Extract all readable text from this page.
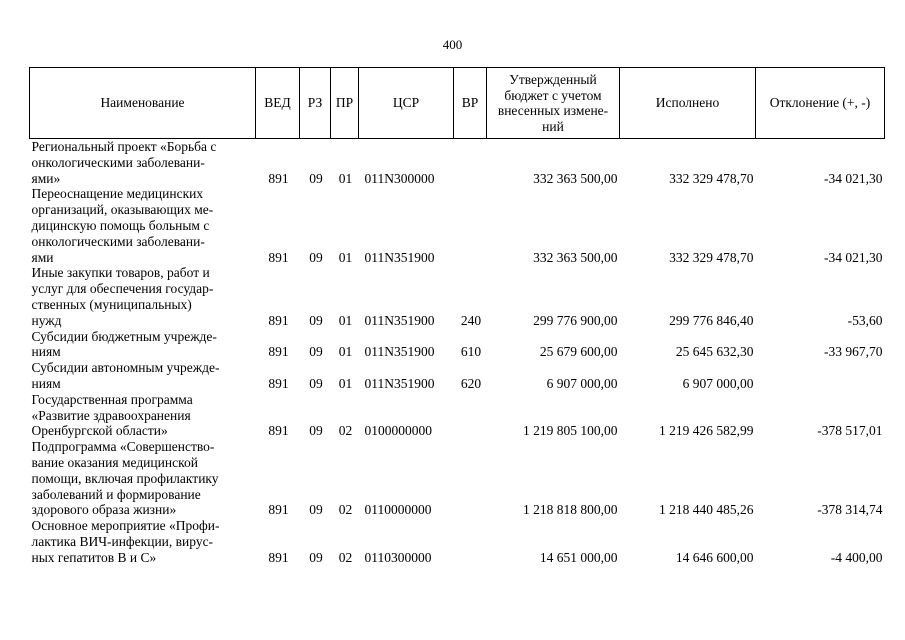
400
Наименование	ВЕД	РЗ	ПР	ЦСР	ВР	Утвержденный бюджет с учетом внесенных измене-ний	Исполнено	Отклонение (+, -)

Региональный проект «Борьба с
онкологическими заболевани-
ями»	891	09	01	011N300000		332 363 500,00	332 329 478,70	-34 021,30

Переоснащение медицинских
организаций, оказывающих ме-
дицинскую помощь больным с
онкологическими заболевани-
ями	891	09	01	011N351900		332 363 500,00	332 329 478,70	-34 021,30

Иные закупки товаров, работ и
услуг для обеспечения государ-
ственных (муниципальных)
нужд	891	09	01	011N351900	240	299 776 900,00	299 776 846,40	-53,60

Субсидии бюджетным учрежде-
ниям	891	09	01	011N351900	610	25 679 600,00	25 645 632,30	-33 967,70

Субсидии автономным учрежде-
ниям	891	09	01	011N351900	620	6 907 000,00	6 907 000,00	

Государственная программа
«Развитие здравоохранения
Оренбургской области»	891	09	02	0100000000		1 219 805 100,00	1 219 426 582,99	-378 517,01

Подпрограмма «Совершенство-
вание оказания медицинской
помощи, включая профилактику
заболеваний и формирование
здорового образа жизни»	891	09	02	0110000000		1 218 818 800,00	1 218 440 485,26	-378 314,74

Основное мероприятие «Профи-
лактика ВИЧ-инфекции, вирус-
ных гепатитов В и С»	891	09	02	0110300000		14 651 000,00	14 646 600,00	-4 400,00
